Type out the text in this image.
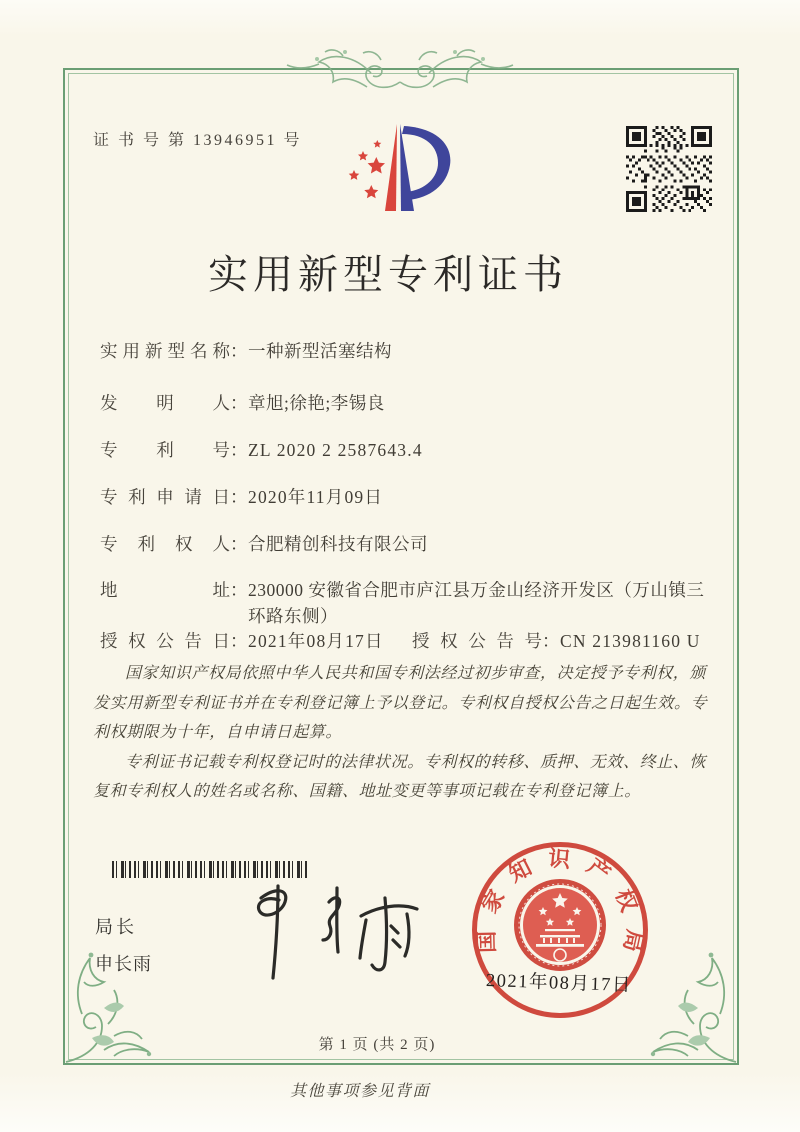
证 书 号 第 13946951 号
实用新型专利证书
实用新型名称：一种新型活塞结构
发明人：章旭;徐艳;李锡良
专利号：ZL 2020 2 2587643.4
专利申请日：2020年11月09日
专利权人：合肥精创科技有限公司
地址：230000 安徽省合肥市庐江县万金山经济开发区（万山镇三环路东侧）
授权公告日：2021年08月17日 授权公告号：CN 213981160 U

国家知识产权局依照中华人民共和国专利法经过初步审查，决定授予专利权，颁发实用新型专利证书并在专利登记簿上予以登记。专利权自授权公告之日起生效。专利权期限为十年，自申请日起算。

专利证书记载专利权登记时的法律状况。专利权的转移、质押、无效、终止、恢复和专利权人的姓名或名称、国籍、地址变更等事项记载在专利登记簿上。

局长
申长雨
国家知识产权局
2021年08月17日
第 1 页 (共 2 页)
其他事项参见背面
